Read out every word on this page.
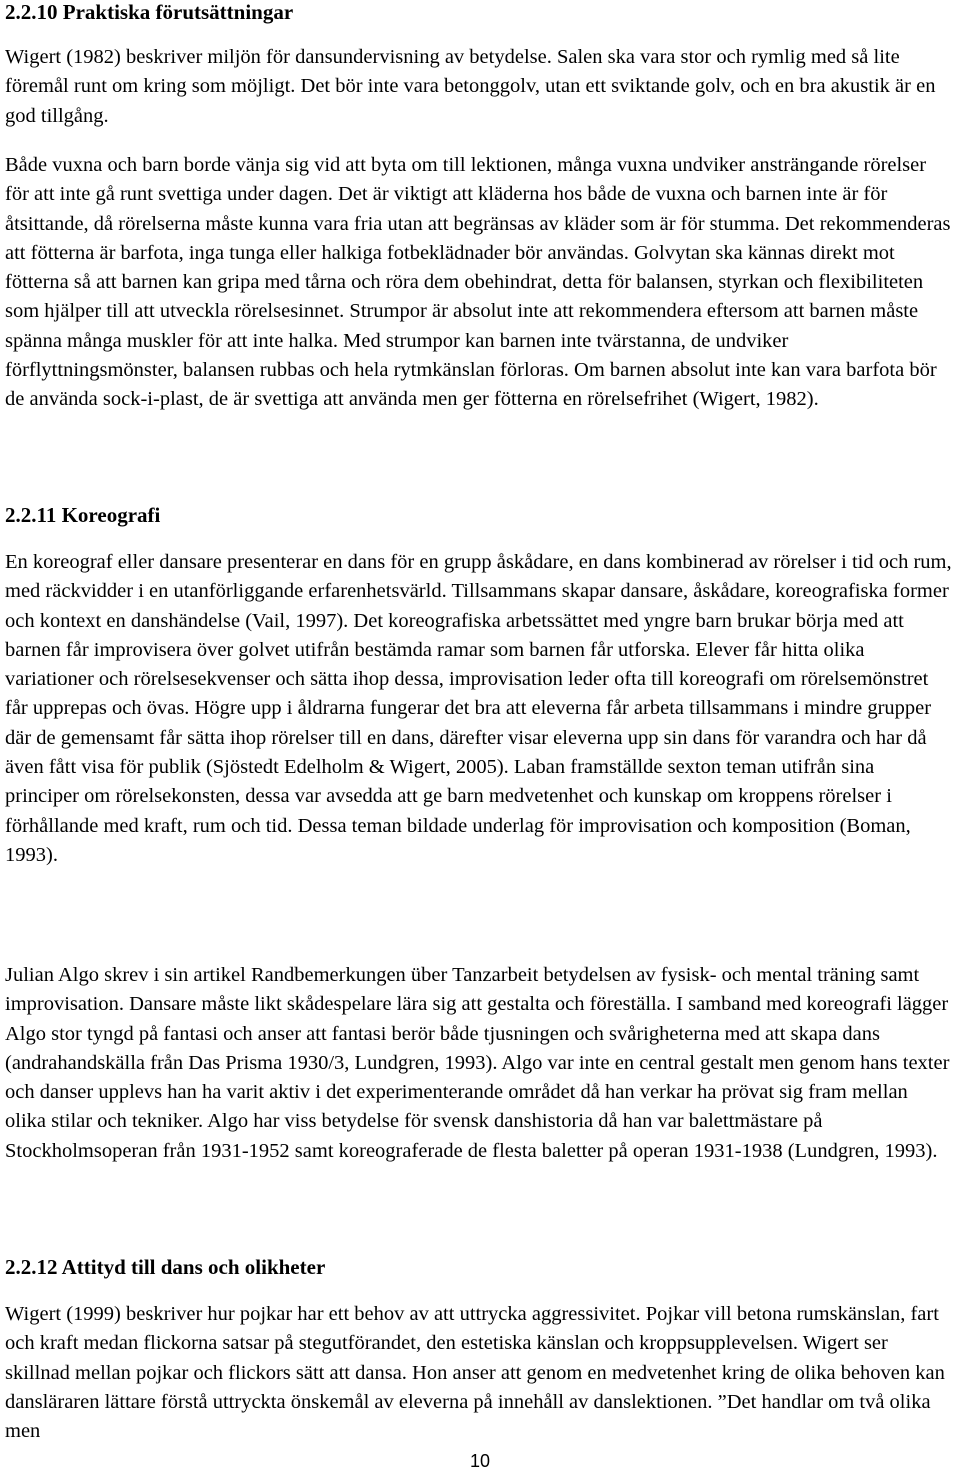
2.2.10 Praktiska förutsättningar

Wigert (1982) beskriver miljön för dansundervisning av betydelse. Salen ska vara stor och rymlig med så lite föremål runt om kring som möjligt. Det bör inte vara betonggolv, utan ett sviktande golv, och en bra akustik är en god tillgång.

Både vuxna och barn borde vänja sig vid att byta om till lektionen, många vuxna undviker ansträngande rörelser för att inte gå runt svettiga under dagen. Det är viktigt att kläderna hos både de vuxna och barnen inte är för åtsittande, då rörelserna måste kunna vara fria utan att begränsas av kläder som är för stumma. Det rekommenderas att fötterna är barfota, inga tunga eller halkiga fotbeklädnader bör användas. Golvytan ska kännas direkt mot fötterna så att barnen kan gripa med tårna och röra dem obehindrat, detta för balansen, styrkan och flexibiliteten som hjälper till att utveckla rörelsesinnet. Strumpor är absolut inte att rekommendera eftersom att barnen måste spänna många muskler för att inte halka. Med strumpor kan barnen inte tvärstanna, de undviker förflyttningsmönster, balansen rubbas och hela rytmkänslan förloras. Om barnen absolut inte kan vara barfota bör de använda sock-i-plast, de är svettiga att använda men ger fötterna en rörelsefrihet (Wigert, 1982).

2.2.11 Koreografi

En koreograf eller dansare presenterar en dans för en grupp åskådare, en dans kombinerad av rörelser i tid och rum, med räckvidder i en utanförliggande erfarenhetsvärld. Tillsammans skapar dansare, åskådare, koreografiska former och kontext en danshändelse (Vail, 1997). Det koreografiska arbetssättet med yngre barn brukar börja med att barnen får improvisera över golvet utifrån bestämda ramar som barnen får utforska. Elever får hitta olika variationer och rörelsesekvenser och sätta ihop dessa, improvisation leder ofta till koreografi om rörelsemönstret får upprepas och övas. Högre upp i åldrarna fungerar det bra att eleverna får arbeta tillsammans i mindre grupper där de gemensamt får sätta ihop rörelser till en dans, därefter visar eleverna upp sin dans för varandra och har då även fått visa för publik (Sjöstedt Edelholm & Wigert, 2005). Laban framställde sexton teman utifrån sina principer om rörelsekonsten, dessa var avsedda att ge barn medvetenhet och kunskap om kroppens rörelser i förhållande med kraft, rum och tid. Dessa teman bildade underlag för improvisation och komposition (Boman, 1993).

Julian Algo skrev i sin artikel Randbemerkungen über Tanzarbeit betydelsen av fysisk- och mental träning samt improvisation. Dansare måste likt skådespelare lära sig att gestalta och föreställa. I samband med koreografi lägger Algo stor tyngd på fantasi och anser att fantasi berör både tjusningen och svårigheterna med att skapa dans (andrahandskälla från Das Prisma 1930/3, Lundgren, 1993). Algo var inte en central gestalt men genom hans texter och danser upplevs han ha varit aktiv i det experimenterande området då han verkar ha prövat sig fram mellan olika stilar och tekniker. Algo har viss betydelse för svensk danshistoria då han var balettmästare på Stockholmsoperan från 1931-1952 samt koreograferade de flesta baletter på operan 1931-1938 (Lundgren, 1993).

2.2.12 Attityd till dans och olikheter

Wigert (1999) beskriver hur pojkar har ett behov av att uttrycka aggressivitet. Pojkar vill betona rumskänslan, fart och kraft medan flickorna satsar på stegutförandet, den estetiska känslan och kroppsupplevelsen. Wigert ser skillnad mellan pojkar och flickors sätt att dansa. Hon anser att genom en medvetenhet kring de olika behoven kan dansläraren lättare förstå uttryckta önskemål av eleverna på innehåll av danslektionen. ”Det handlar om två olika men

10
